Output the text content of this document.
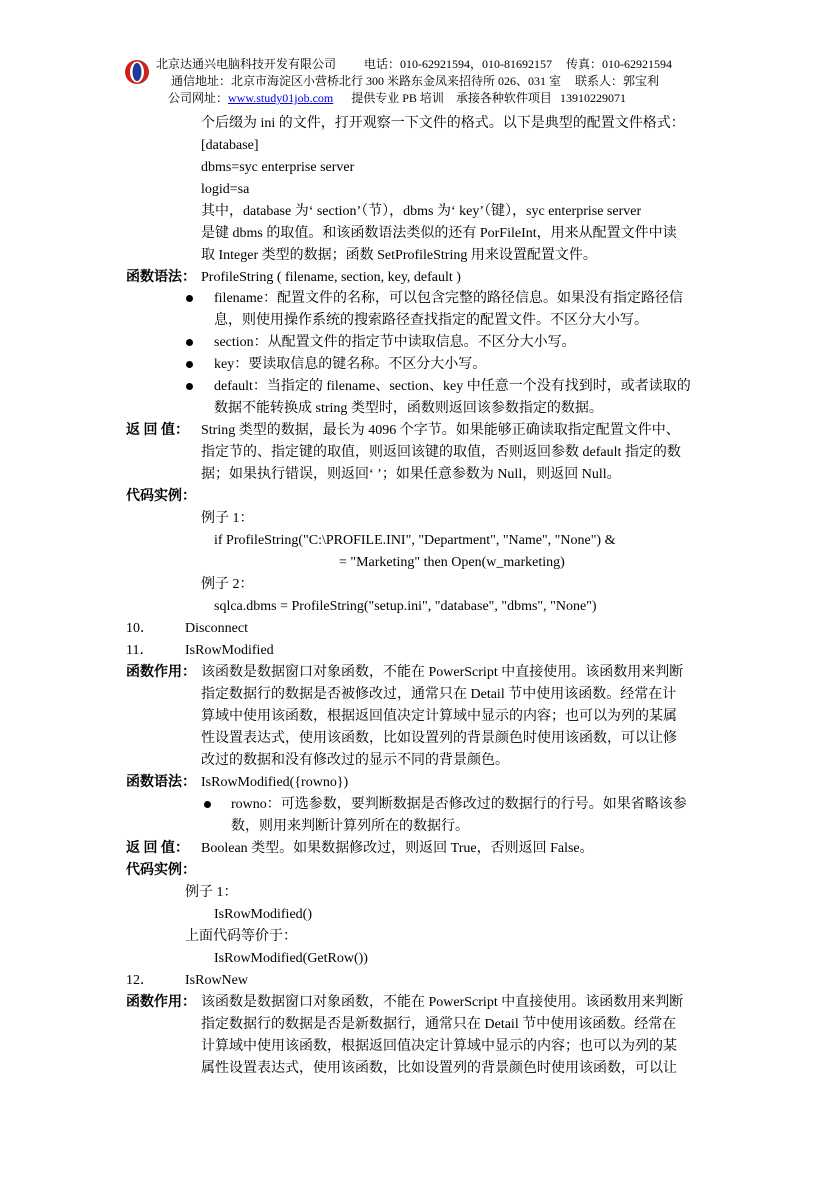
北京达通兴电脑科技开发有限公司 电话：010-62921594，010-81692157 传真：010-62921594
通信地址：北京市海淀区小营桥北行 300 米路东金凤来招待所 026、031 室 联系人：郭宝利
公司网址：www.study01job.com 提供专业 PB 培训 承接各种软件项目 13910229071
个后缀为 ini 的文件，打开观察一下文件的格式。以下是典型的配置文件格式：
[database]
dbms=syc enterprise server
logid=sa
其中，database 为‘ section’（节），dbms 为‘ key’（键），syc enterprise server
是键 dbms 的取值。和该函数语法类似的还有 PorFileInt，用来从配置文件中读
取 Integer 类型的数据；函数 SetProfileString 用来设置配置文件。
函数语法： ProfileString ( filename, section, key, default )
filename：配置文件的名称，可以包含完整的路径信息。如果没有指定路径信
息，则使用操作系统的搜索路径查找指定的配置文件。不区分大小写。
section：从配置文件的指定节中读取信息。不区分大小写。
key：要读取信息的键名称。不区分大小写。
default：当指定的 filename、section、key 中任意一个没有找到时，或者读取的
数据不能转换成 string 类型时，函数则返回该参数指定的数据。
返 回 值： String 类型的数据，最长为 4096 个字节。如果能够正确读取指定配置文件中、
指定节的、指定键的取值，则返回该键的取值，否则返回参数 default 指定的数
据；如果执行错误，则返回‘ ’；如果任意参数为 Null，则返回 Null。
代码实例：
例子 1：
if ProfileString("C:\PROFILE.INI", "Department", "Name", "None") &
= "Marketing" then Open(w_marketing)
例子 2：
sqlca.dbms = ProfileString("setup.ini", "database", "dbms", "None")
10． Disconnect
11． IsRowModified
函数作用： 该函数是数据窗口对象函数，不能在 PowerScript 中直接使用。该函数用来判断
指定数据行的数据是否被修改过，通常只在 Detail 节中使用该函数。经常在计
算域中使用该函数，根据返回值决定计算域中显示的内容；也可以为列的某属
性设置表达式，使用该函数，比如设置列的背景颜色时使用该函数，可以让修
改过的数据和没有修改过的显示不同的背景颜色。
函数语法： IsRowModified({rowno})
rowno：可选参数，要判断数据是否修改过的数据行的行号。如果省略该参
数，则用来判断计算列所在的数据行。
返 回 值： Boolean 类型。如果数据修改过，则返回 True，否则返回 False。
代码实例：
例子 1：
IsRowModified()
上面代码等价于：
IsRowModified(GetRow())
12． IsRowNew
函数作用： 该函数是数据窗口对象函数，不能在 PowerScript 中直接使用。该函数用来判断
指定数据行的数据是否是新数据行，通常只在 Detail 节中使用该函数。经常在
计算域中使用该函数，根据返回值决定计算域中显示的内容；也可以为列的某
属性设置表达式，使用该函数，比如设置列的背景颜色时使用该函数，可以让
